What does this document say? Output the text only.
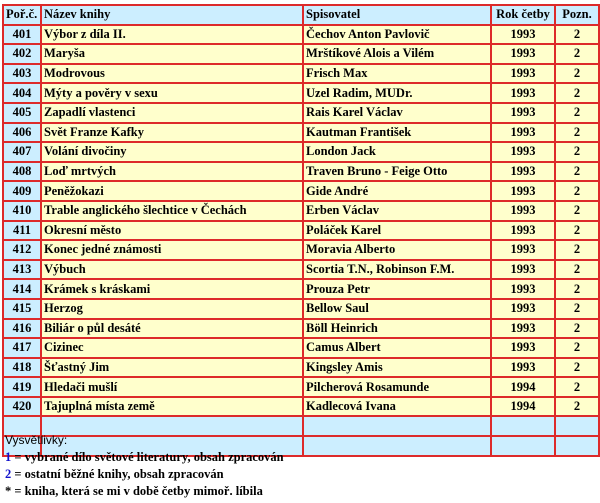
Poř.č.	Název knihy	Spisovatel	Rok četby	Pozn.
401	Výbor z díla II.	Čechov Anton Pavlovič	1993	2
402	Maryša	Mrštíkové Alois a Vilém	1993	2
403	Modrovous	Frisch Max	1993	2
404	Mýty a pověry v sexu	Uzel Radim, MUDr.	1993	2
405	Zapadlí vlastenci	Rais Karel Václav	1993	2
406	Svět Franze Kafky	Kautman František	1993	2
407	Volání divočiny	London Jack	1993	2
408	Loď mrtvých	Traven Bruno - Feige Otto	1993	2
409	Peněžokazi	Gide André	1993	2
410	Trable anglického šlechtice v Čechách	Erben Václav	1993	2
411	Okresní město	Poláček Karel	1993	2
412	Konec jedné známosti	Moravia Alberto	1993	2
413	Výbuch	Scortia T.N., Robinson F.M.	1993	2
414	Krámek s kráskami	Prouza Petr	1993	2
415	Herzog	Bellow Saul	1993	2
416	Biliár o půl desáté	Böll Heinrich	1993	2
417	Cizinec	Camus Albert	1993	2
418	Šťastný Jim	Kingsley Amis	1993	2
419	Hledači mušlí	Pilcherová Rosamunde	1994	2
420	Tajuplná místa země	Kadlecová Ivana	1994	2

Vysvětlivky:
1 = vybrané dílo světové literatury, obsah zpracován
2 = ostatní běžné knihy, obsah zpracován
* = kniha, která se mi v době četby mimoř. líbila
